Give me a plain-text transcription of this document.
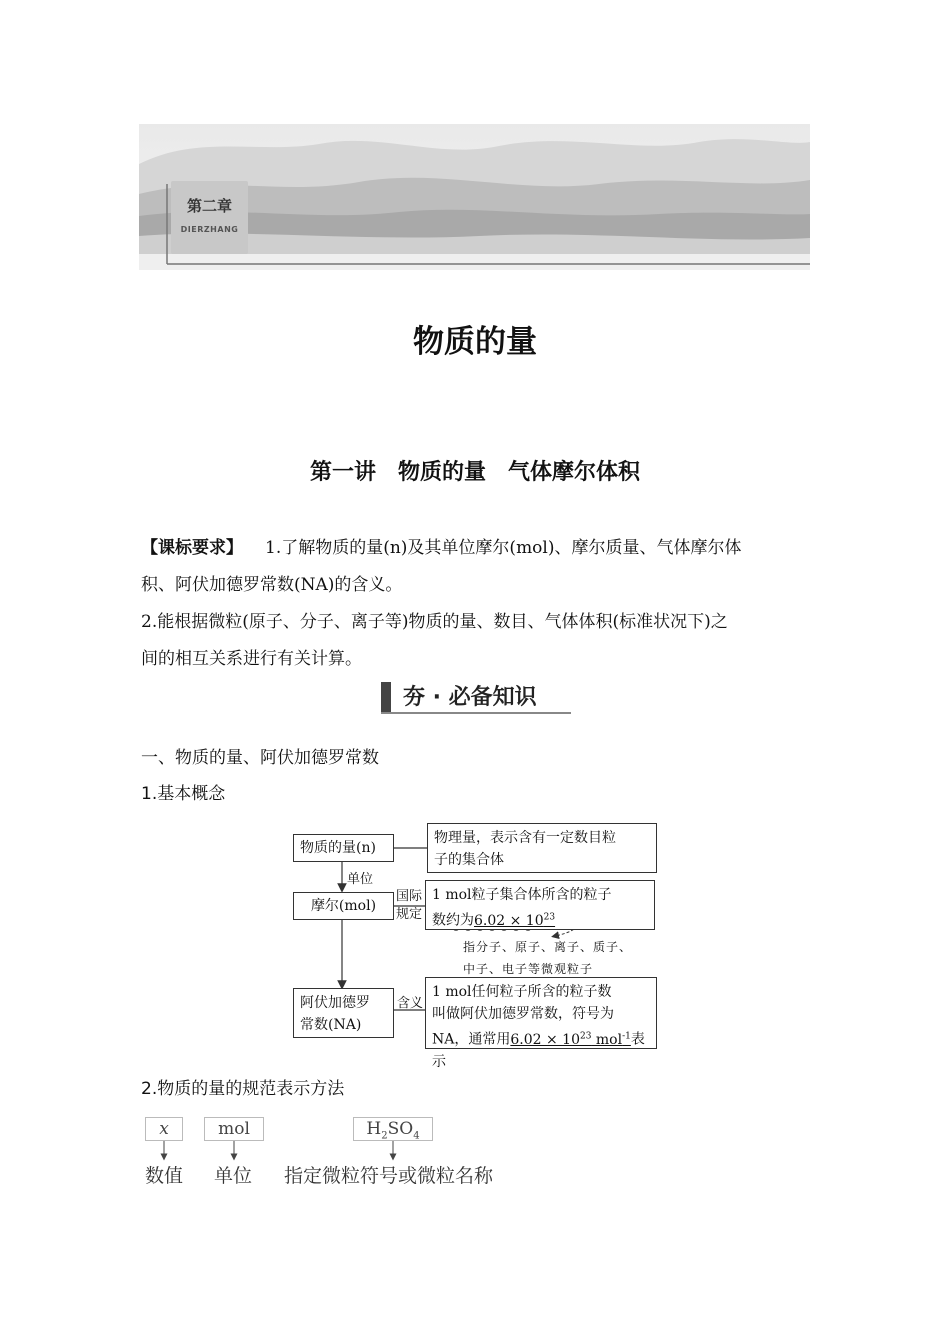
第二章
DIERZHANG
物质的量
第一讲　物质的量　气体摩尔体积
【课标要求】 1.了解物质的量(n)及其单位摩尔(mol)、摩尔质量、气体摩尔体
积、阿伏加德罗常数(NA)的含义。
2.能根据微粒(原子、分子、离子等)物质的量、数目、气体体积(标准状况下)之
间的相互关系进行有关计算。
夯 · 必备知识
一、物质的量、阿伏加德罗常数
1.基本概念
物质的量(n)
物理量，表示含有一定数目粒
子的集合体
单位
摩尔(mol)
国际
规定
1 mol粒子集合体所含的粒子
数约为$6.02 \times 10^{23}$
指分子、原子、离子、质子、
中子、电子等微观粒子
阿伏加德罗
常数(NA)
含义
1 mol任何粒子所含的粒子数
叫做阿伏加德罗常数，符号为
NA，通常用$6.02 \times 10^{23}$ mol$^{-1}$表示
2.物质的量的规范表示方法
x	mol	$H_2SO_4$
数值 单位 指定微粒符号或微粒名称
